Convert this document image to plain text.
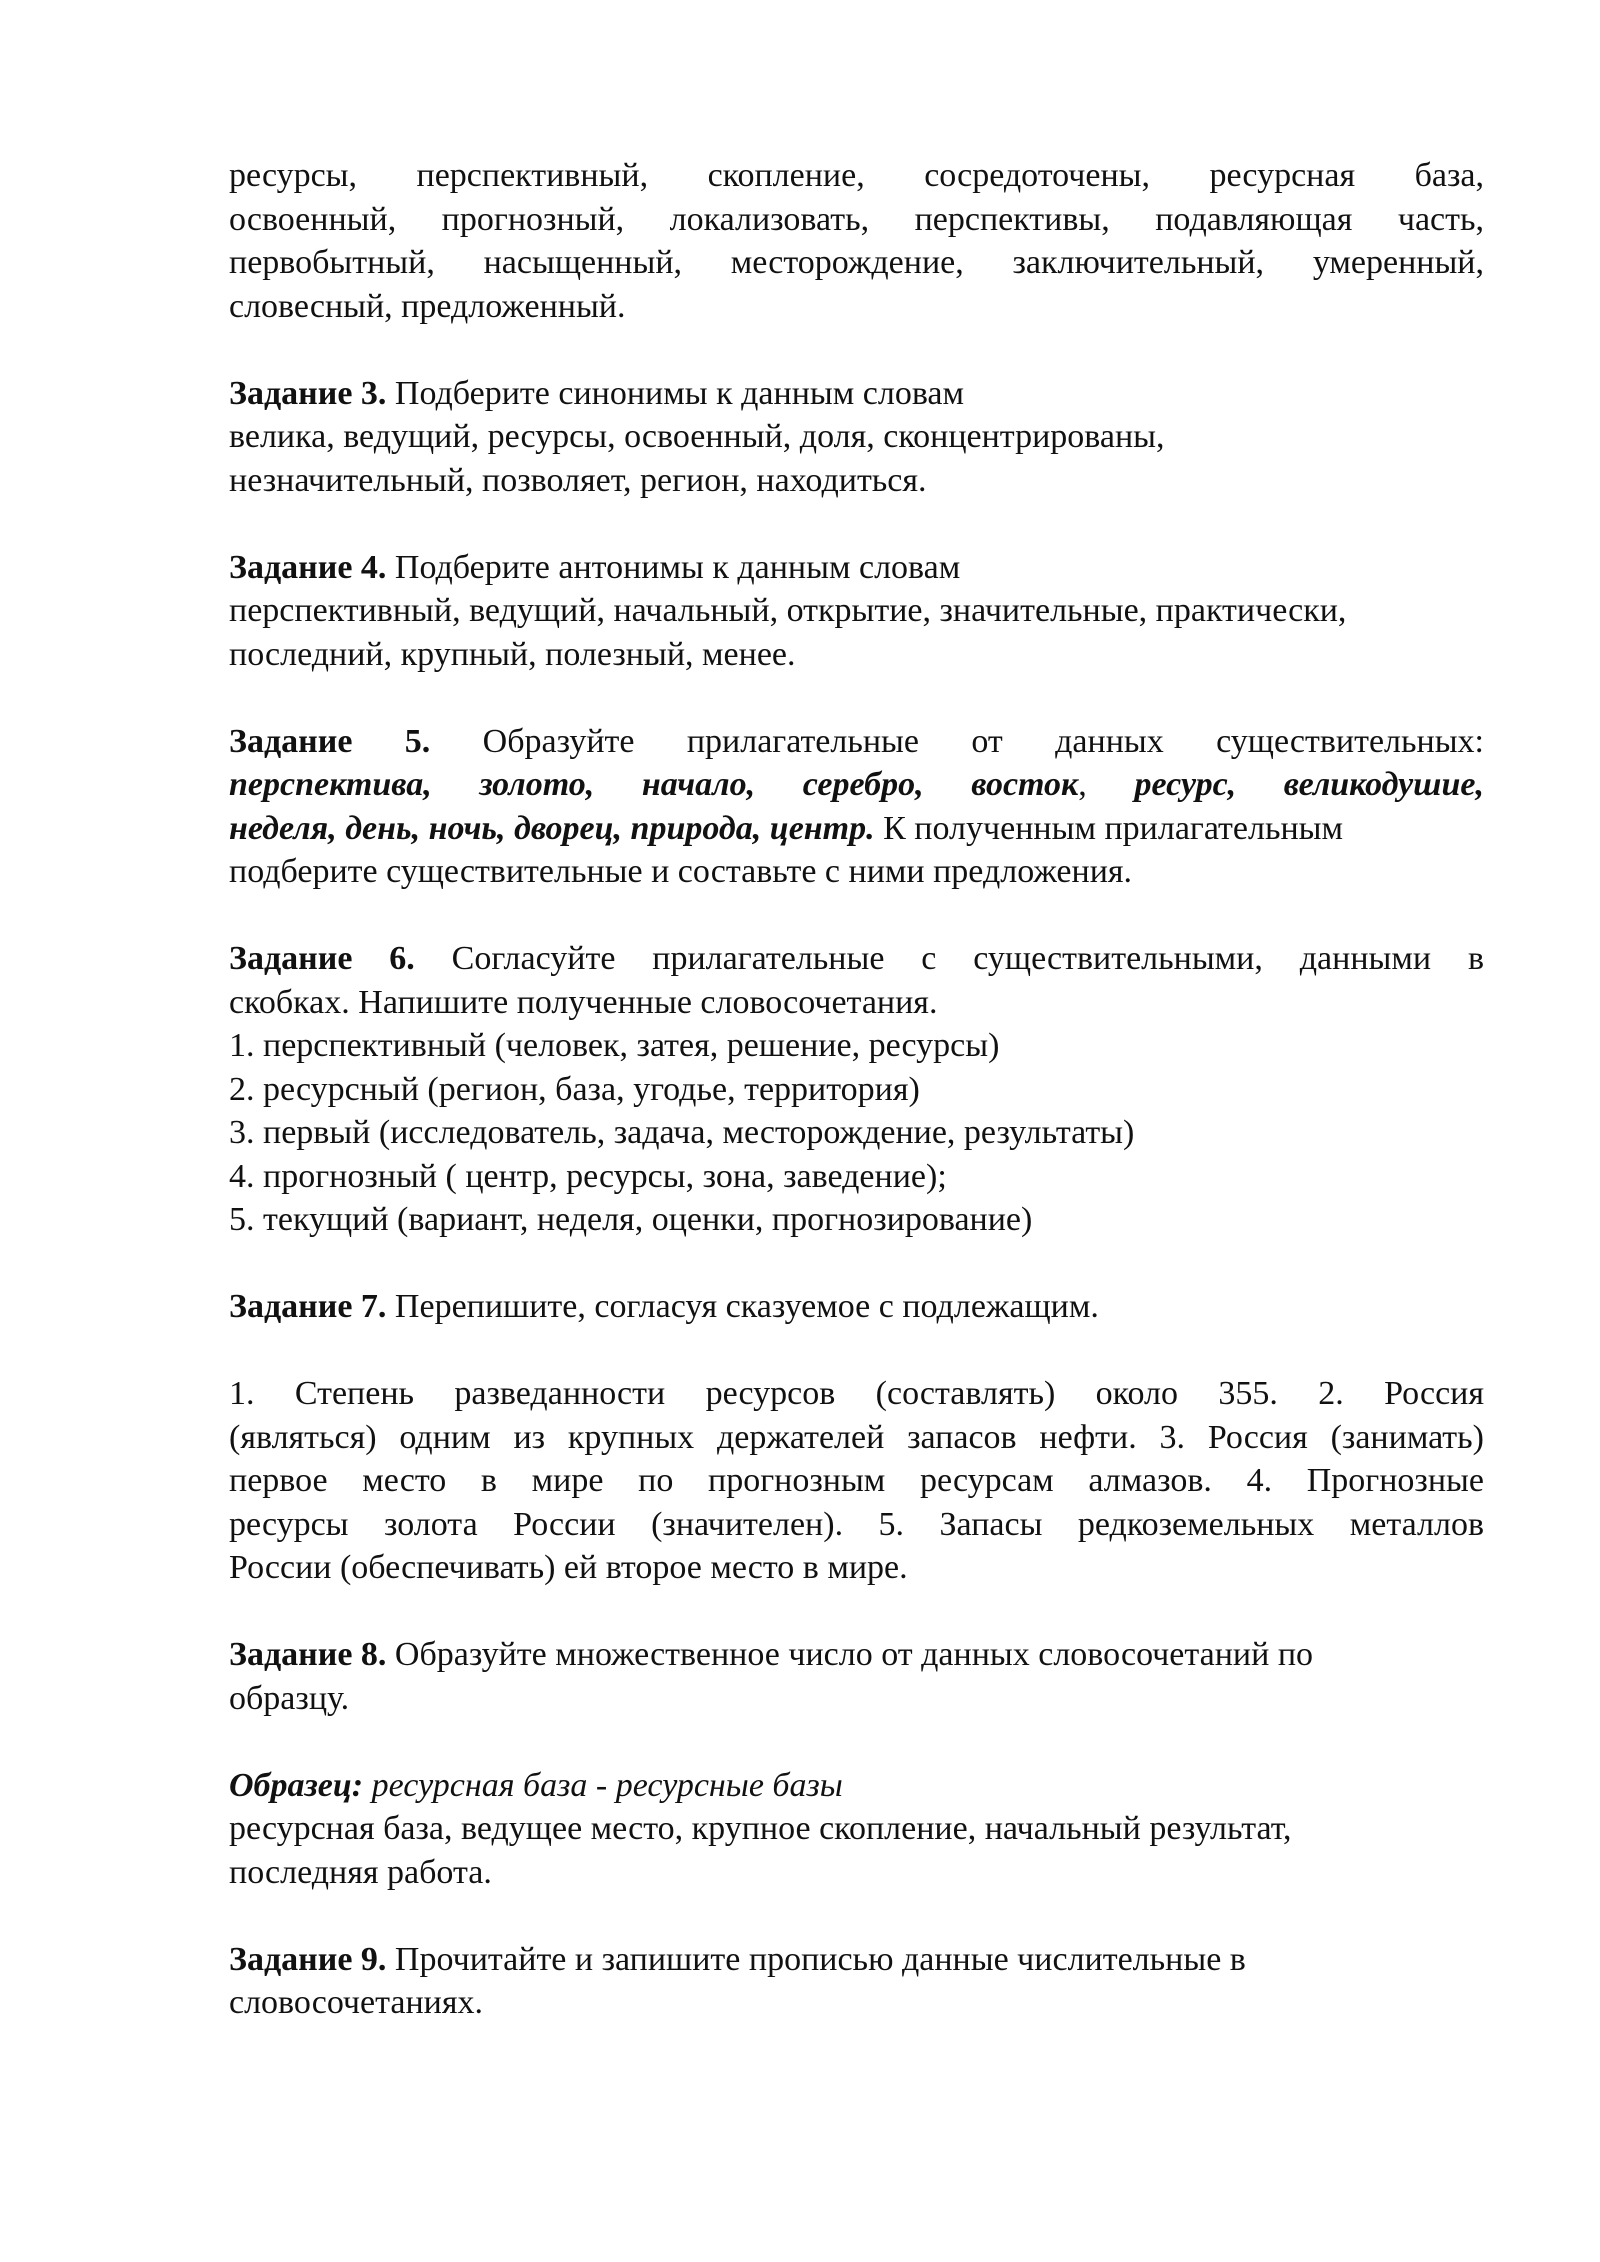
ресурсы, перспективный, скопление, сосредоточены, ресурсная база,
освоенный, прогнозный, локализовать, перспективы, подавляющая часть,
первобытный, насыщенный, месторождение, заключительный, умеренный,
словесный, предложенный.
Задание 3. Подберите синонимы к данным словам
велика, ведущий, ресурсы, освоенный, доля, сконцентрированы,
незначительный, позволяет, регион, находиться.
Задание 4. Подберите антонимы к данным словам
перспективный, ведущий, начальный, открытие, значительные, практически,
последний, крупный, полезный, менее.
Задание 5. Образуйте прилагательные от данных существительных:
перспектива, золото, начало, серебро, восток, ресурс, великодушие,
неделя, день, ночь, дворец, природа, центр. К полученным прилагательным
подберите существительные и составьте с ними предложения.
Задание 6. Согласуйте прилагательные с существительными, данными в
скобках. Напишите полученные словосочетания.
1. перспективный (человек, затея, решение, ресурсы)
2. ресурсный (регион, база, угодье, территория)
3. первый (исследователь, задача, месторождение, результаты)
4. прогнозный ( центр, ресурсы, зона, заведение);
5. текущий (вариант, неделя, оценки, прогнозирование)
Задание 7. Перепишите, согласуя сказуемое с подлежащим.
1. Степень разведанности ресурсов (составлять) около 355. 2. Россия
(являться) одним из крупных держателей запасов нефти. 3. Россия (занимать)
первое место в мире по прогнозным ресурсам алмазов. 4. Прогнозные
ресурсы золота России (значителен). 5. Запасы редкоземельных металлов
России (обеспечивать) ей второе место в мире.
Задание 8. Образуйте множественное число от данных словосочетаний по
образцу.
Образец: ресурсная база - ресурсные базы
ресурсная база, ведущее место, крупное скопление, начальный результат,
последняя работа.
Задание 9. Прочитайте и запишите прописью данные числительные в
словосочетаниях.
